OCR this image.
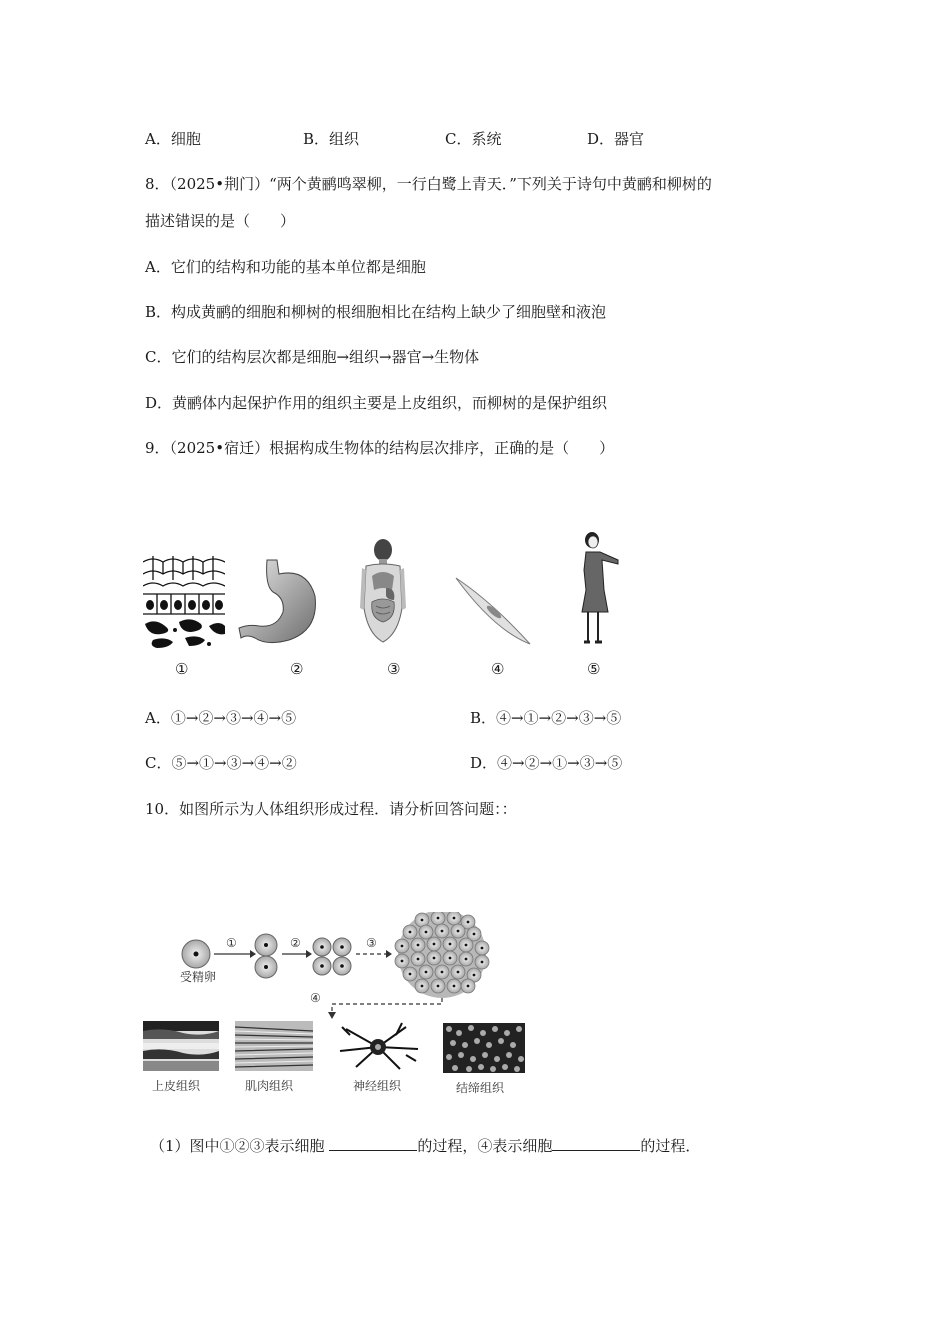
A．细胞	B．组织	C．系统	D．器官
8．（2025•荆门）“两个黄鹂鸣翠柳，一行白鹭上青天．”下列关于诗句中黄鹂和柳树的
描述错误的是（　　）
A．它们的结构和功能的基本单位都是细胞
B．构成黄鹂的细胞和柳树的根细胞相比在结构上缺少了细胞壁和液泡
C．它们的结构层次都是细胞→组织→器官→生物体
D．黄鹂体内起保护作用的组织主要是上皮组织，而柳树的是保护组织
9．（2025•宿迁）根据构成生物体的结构层次排序，正确的是（　　）
①	②	③	④	⑤
A．①→②→③→④→⑤	B．④→①→②→③→⑤
C．⑤→①→③→④→②	D．④→②→①→③→⑤
10．如图所示为人体组织形成过程．请分析回答问题：：
受精卵
①	②	③
④
上皮组织	肌肉组织	神经组织	结缔组织
（1）图中①②③表示细胞	的过程，④表示细胞	的过程．
